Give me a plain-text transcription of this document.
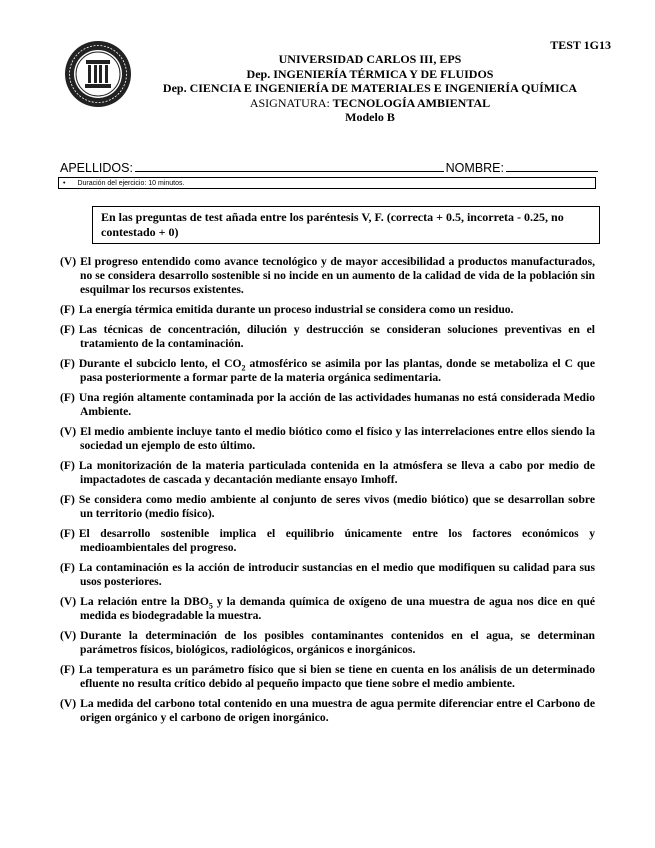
TEST 1G13
UNIVERSIDAD CARLOS III, EPS
Dep. INGENIERÍA TÉRMICA Y DE FLUIDOS
Dep. CIENCIA E INGENIERÍA DE MATERIALES E INGENIERÍA QUÍMICA
ASIGNATURA: TECNOLOGÍA AMBIENTAL
Modelo B
APELLIDOS:	NOMBRE:
• Duración del ejercicio: 10 minutos.
En las preguntas de test añada entre los paréntesis V, F. (correcta + 0.5, incorreta - 0.25, no contestado + 0)

(V) El progreso entendido como avance tecnológico y de mayor accesibilidad a productos manufacturados, no se considera desarrollo sostenible si no incide en un aumento de la calidad de vida de la población sin esquilmar los recursos existentes.

(F) La energía térmica emitida durante un proceso industrial se considera como un residuo.

(F) Las técnicas de concentración, dilución y destrucción se consideran soluciones preventivas en el tratamiento de la contaminación.

(F) Durante el subciclo lento, el $CO_2$ atmosférico se asimila por las plantas, donde se metaboliza el C que pasa posteriormente a formar parte de la materia orgánica sedimentaria.

(F) Una región altamente contaminada por la acción de las actividades humanas no está considerada Medio Ambiente.

(V) El medio ambiente incluye tanto el medio biótico como el físico y las interrelaciones entre ellos siendo la sociedad un ejemplo de esto último.

(F) La monitorización de la materia particulada contenida en la atmósfera se lleva a cabo por medio de impactadotes de cascada y decantación mediante ensayo Imhoff.

(F) Se considera como medio ambiente al conjunto de seres vivos (medio biótico) que se desarrollan sobre un territorio (medio físico).

(F) El desarrollo sostenible implica el equilibrio únicamente entre los factores económicos y medioambientales del progreso.

(F) La contaminación es la acción de introducir sustancias en el medio que modifiquen su calidad para sus usos posteriores.

(V) La relación entre la $DBO_5$ y la demanda química de oxígeno de una muestra de agua nos dice en qué medida es biodegradable la muestra.

(V) Durante la determinación de los posibles contaminantes contenidos en el agua, se determinan parámetros físicos, biológicos, radiológicos, orgánicos e inorgánicos.

(F) La temperatura es un parámetro físico que si bien se tiene en cuenta en los análisis de un determinado efluente no resulta crítico debido al pequeño impacto que tiene sobre el medio ambiente.

(V) La medida del carbono total contenido en una muestra de agua permite diferenciar entre el Carbono de origen orgánico y el carbono de origen inorgánico.
